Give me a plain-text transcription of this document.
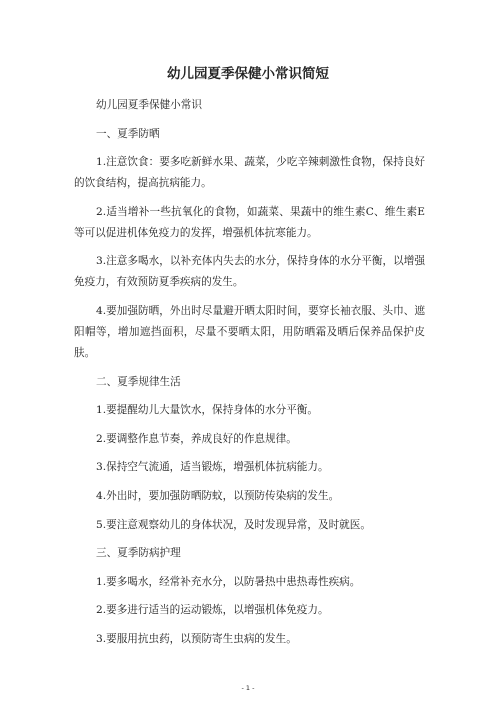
幼儿园夏季保健小常识简短

幼儿园夏季保健小常识

一、夏季防晒

1.注意饮食：要多吃新鲜水果、蔬菜，少吃辛辣刺激性食物，保持良好的饮食结构，提高抗病能力。

2.适当增补一些抗氧化的食物，如蔬菜、果蔬中的维生素C、维生素E等可以促进机体免疫力的发挥，增强机体抗寒能力。

3.注意多喝水，以补充体内失去的水分，保持身体的水分平衡，以增强免疫力，有效预防夏季疾病的发生。

4.要加强防晒，外出时尽量避开晒太阳时间，要穿长袖衣服、头巾、遮阳帽等，增加遮挡面积，尽量不要晒太阳，用防晒霜及晒后保养品保护皮肤。

二、夏季规律生活

1.要提醒幼儿大量饮水，保持身体的水分平衡。

2.要调整作息节奏，养成良好的作息规律。

3.保持空气流通，适当锻炼，增强机体抗病能力。

4.外出时，要加强防晒防蚊，以预防传染病的发生。

5.要注意观察幼儿的身体状况，及时发现异常，及时就医。

三、夏季防病护理

1.要多喝水，经常补充水分，以防暑热中患热毒性疾病。

2.要多进行适当的运动锻炼，以增强机体免疫力。

3.要服用抗虫药，以预防寄生虫病的发生。

- 1 -
